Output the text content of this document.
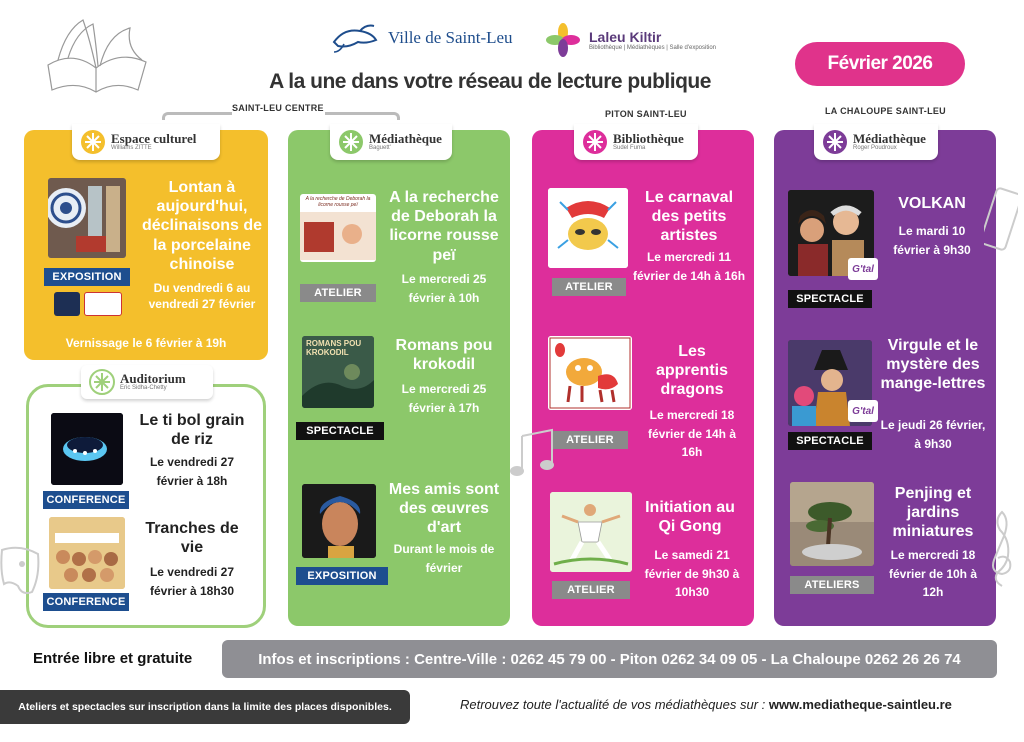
Ville de Saint-Leu	Laleu Kiltir
Bibliothèque | Médiathèques | Salle d'exposition
A la une dans votre réseau de lecture publique
Février 2026
SAINT-LEU CENTRE
PITON SAINT-LEU	LA CHALOUPE SAINT-LEU
Espace culturel
Williams ZITTE
EXPOSITION
Lontan à aujourd'hui, déclinaisons de la porcelaine chinoise
Du vendredi 6 au vendredi 27 février
Vernissage le 6 février à 19h
Auditorium
Eric Sidha-Chetty
CONFERENCE
Le ti bol grain de riz
Le vendredi 27 février à 18h
CONFERENCE
Tranches de vie
Le vendredi 27 février à 18h30
Médiathèque
Baguett'
A la recherche de Deborah la licorne rousse peï
ATELIER
A la recherche de Deborah la licorne rousse peï
Le mercredi 25 février à 10h
ROMANS POU KROKODIL
SPECTACLE
Romans pou krokodil
Le mercredi 25 février à 17h
EXPOSITION
Mes amis sont des œuvres d'art
Durant le mois de février
Bibliothèque
Sudel Fuma
ATELIER
Le carnaval des petits artistes
Le mercredi 11 février de 14h à 16h
ATELIER
Les apprentis dragons
Le mercredi 18 février de 14h à 16h
ATELIER
Initiation au Qi Gong
Le samedi 21 février de 9h30 à 10h30
Médiathèque
Roger Poudroux
G'tal
SPECTACLE
VOLKAN
Le mardi 10 février à 9h30
G'tal
SPECTACLE
Virgule et le mystère des mange-lettres
Le jeudi 26 février, à 9h30
ATELIERS
Penjing et jardins miniatures
Le mercredi 18 février de 10h à 12h
Entrée libre et gratuite	Infos et inscriptions : Centre-Ville : 0262 45 79 00 - Piton 0262 34 09 05 - La Chaloupe 0262 26 26 74
Ateliers et spectacles sur inscription dans la limite des places disponibles.	Retrouvez toute l'actualité de vos médiathèques sur : www.mediatheque-saintleu.re
